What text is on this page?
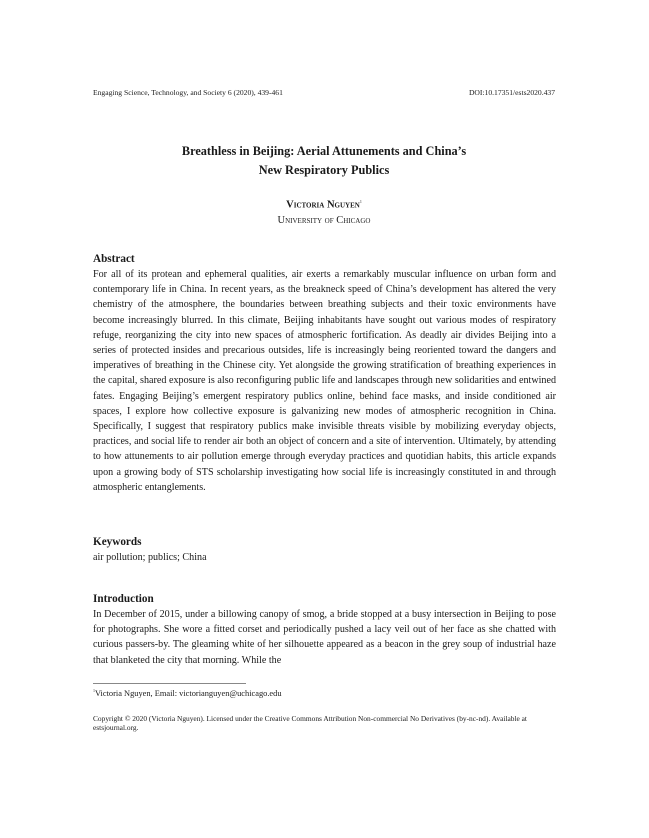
Engaging Science, Technology, and Society 6 (2020), 439-461	DOI:10.17351/ests2020.437
Breathless in Beijing: Aerial Attunements and China’s
New Respiratory Publics
Victoria Nguyen$^1$
University of Chicago
Abstract
For all of its protean and ephemeral qualities, air exerts a remarkably muscular influence on urban form and contemporary life in China. In recent years, as the breakneck speed of China’s development has altered the very chemistry of the atmosphere, the boundaries between breathing subjects and their toxic environments have become increasingly blurred. In this climate, Beijing inhabitants have sought out various modes of respiratory refuge, reorganizing the city into new spaces of atmospheric fortification. As deadly air divides Beijing into a series of protected insides and precarious outsides, life is increasingly being reoriented toward the dangers and imperatives of breathing in the Chinese city. Yet alongside the growing stratification of breathing experiences in the capital, shared exposure is also reconfiguring public life and landscapes through new solidarities and entwined fates. Engaging Beijing’s emergent respiratory publics online, behind face masks, and inside conditioned air spaces, I explore how collective exposure is galvanizing new modes of atmospheric recognition in China. Specifically, I suggest that respiratory publics make invisible threats visible by mobilizing everyday objects, practices, and social life to render air both an object of concern and a site of intervention. Ultimately, by attending to how attunements to air pollution emerge through everyday practices and quotidian habits, this article expands upon a growing body of STS scholarship investigating how social life is increasingly constituted in and through atmospheric entanglements.
Keywords
air pollution; publics; China
Introduction
In December of 2015, under a billowing canopy of smog, a bride stopped at a busy intersection in Beijing to pose for photographs. She wore a fitted corset and periodically pushed a lacy veil out of her face as she chatted with curious passers-by. The gleaming white of her silhouette appeared as a beacon in the grey soup of industrial haze that blanketed the city that morning. While the
$^1$Victoria Nguyen, Email: victorianguyen@uchicago.edu
Copyright © 2020 (Victoria Nguyen). Licensed under the Creative Commons Attribution Non-commercial No Derivatives (by-nc-nd). Available at estsjournal.org.
